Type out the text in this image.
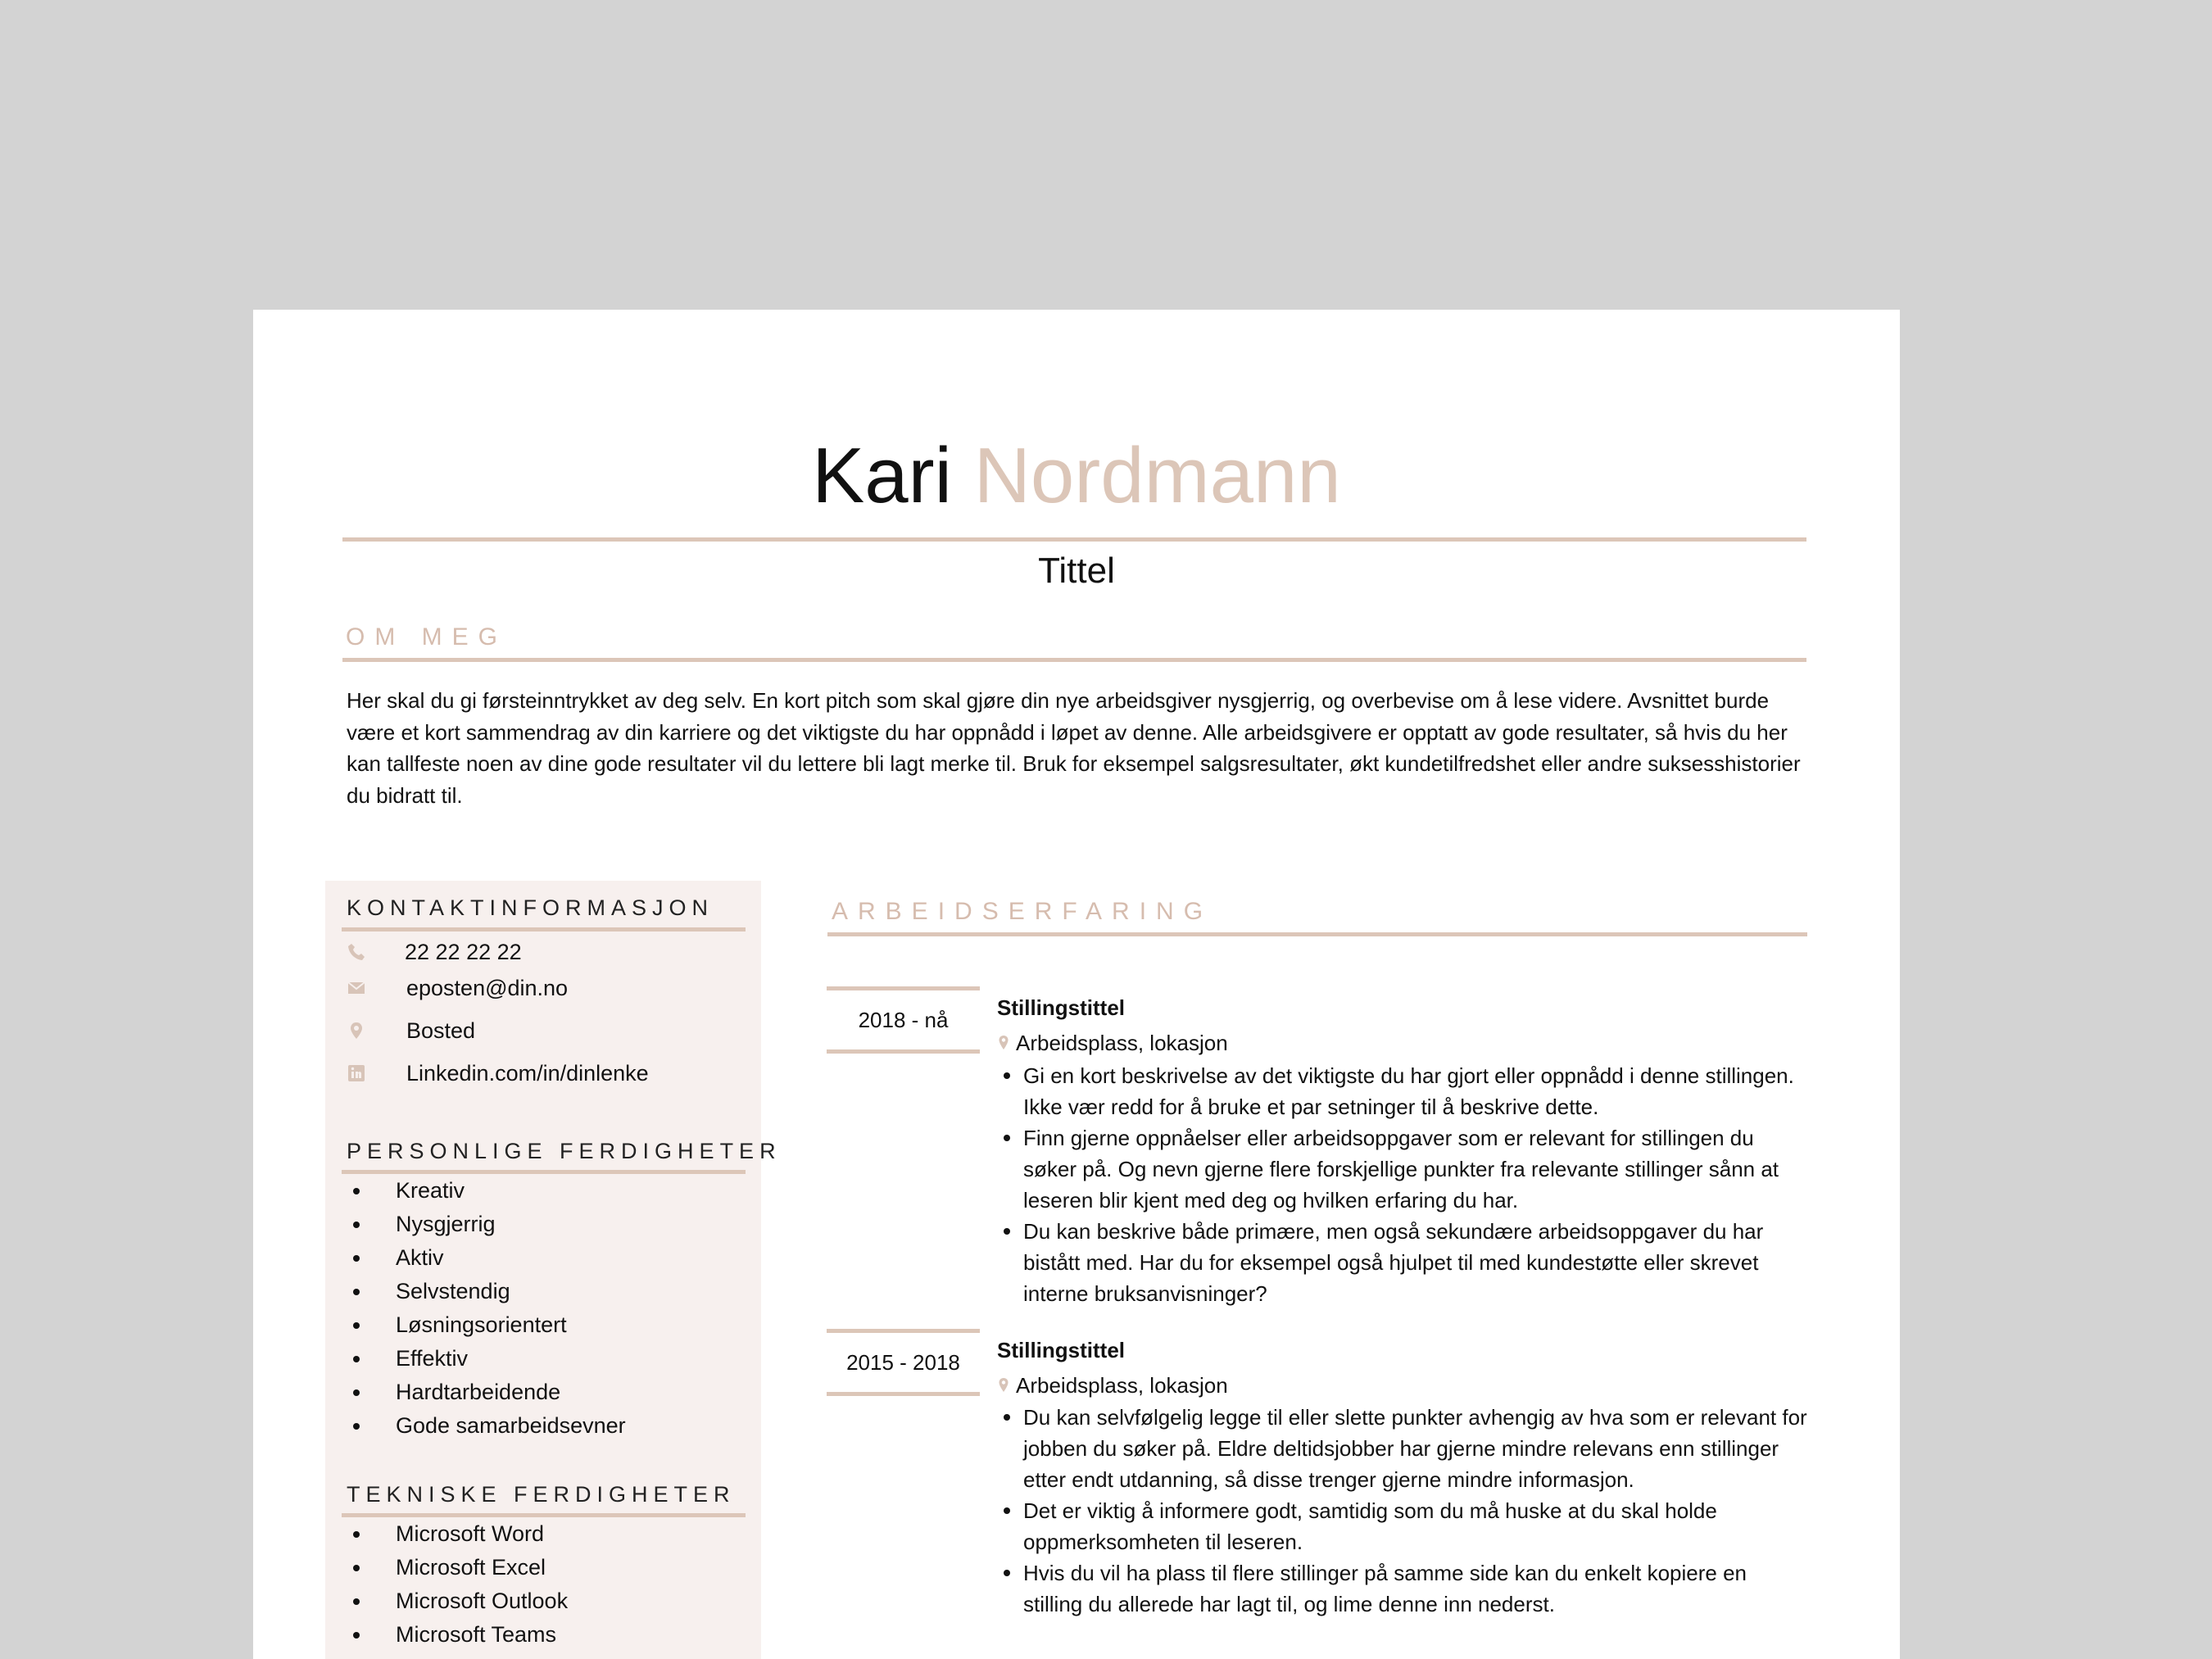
Kari Nordmann
Tittel
OM MEG

Her skal du gi førsteinntrykket av deg selv. En kort pitch som skal gjøre din nye arbeidsgiver nysgjerrig, og overbevise om å lese videre. Avsnittet burde være et kort sammendrag av din karriere og det viktigste du har oppnådd i løpet av denne. Alle arbeidsgivere er opptatt av gode resultater, så hvis du her kan tallfeste noen av dine gode resultater vil du lettere bli lagt merke til. Bruk for eksempel salgsresultater, økt kundetilfredshet eller andre suksesshistorier du bidratt til.

KONTAKTINFORMASJON
22 22 22 22
eposten@din.no
Bosted
Linkedin.com/in/dinlenke
PERSONLIGE FERDIGHETER
Kreativ
Nysgjerrig
Aktiv
Selvstendig
Løsningsorientert
Effektiv
Hardtarbeidende
Gode samarbeidsevner
TEKNISKE FERDIGHETER
Microsoft Word
Microsoft Excel
Microsoft Outlook
Microsoft Teams
ARBEIDSERFARING
2018 - nå	Stillingstittel
Arbeidsplass, lokasjon
Gi en kort beskrivelse av det viktigste du har gjort eller oppnådd i denne stillingen. Ikke vær redd for å bruke et par setninger til å beskrive dette.
Finn gjerne oppnåelser eller arbeidsoppgaver som er relevant for stillingen du søker på. Og nevn gjerne flere forskjellige punkter fra relevante stillinger sånn at leseren blir kjent med deg og hvilken erfaring du har.
Du kan beskrive både primære, men også sekundære arbeidsoppgaver du har bistått med. Har du for eksempel også hjulpet til med kundestøtte eller skrevet interne bruksanvisninger?
2015 - 2018	Stillingstittel
Arbeidsplass, lokasjon
Du kan selvfølgelig legge til eller slette punkter avhengig av hva som er relevant for jobben du søker på. Eldre deltidsjobber har gjerne mindre relevans enn stillinger etter endt utdanning, så disse trenger gjerne mindre informasjon.
Det er viktig å informere godt, samtidig som du må huske at du skal holde oppmerksomheten til leseren.
Hvis du vil ha plass til flere stillinger på samme side kan du enkelt kopiere en stilling du allerede har lagt til, og lime denne inn nederst.
